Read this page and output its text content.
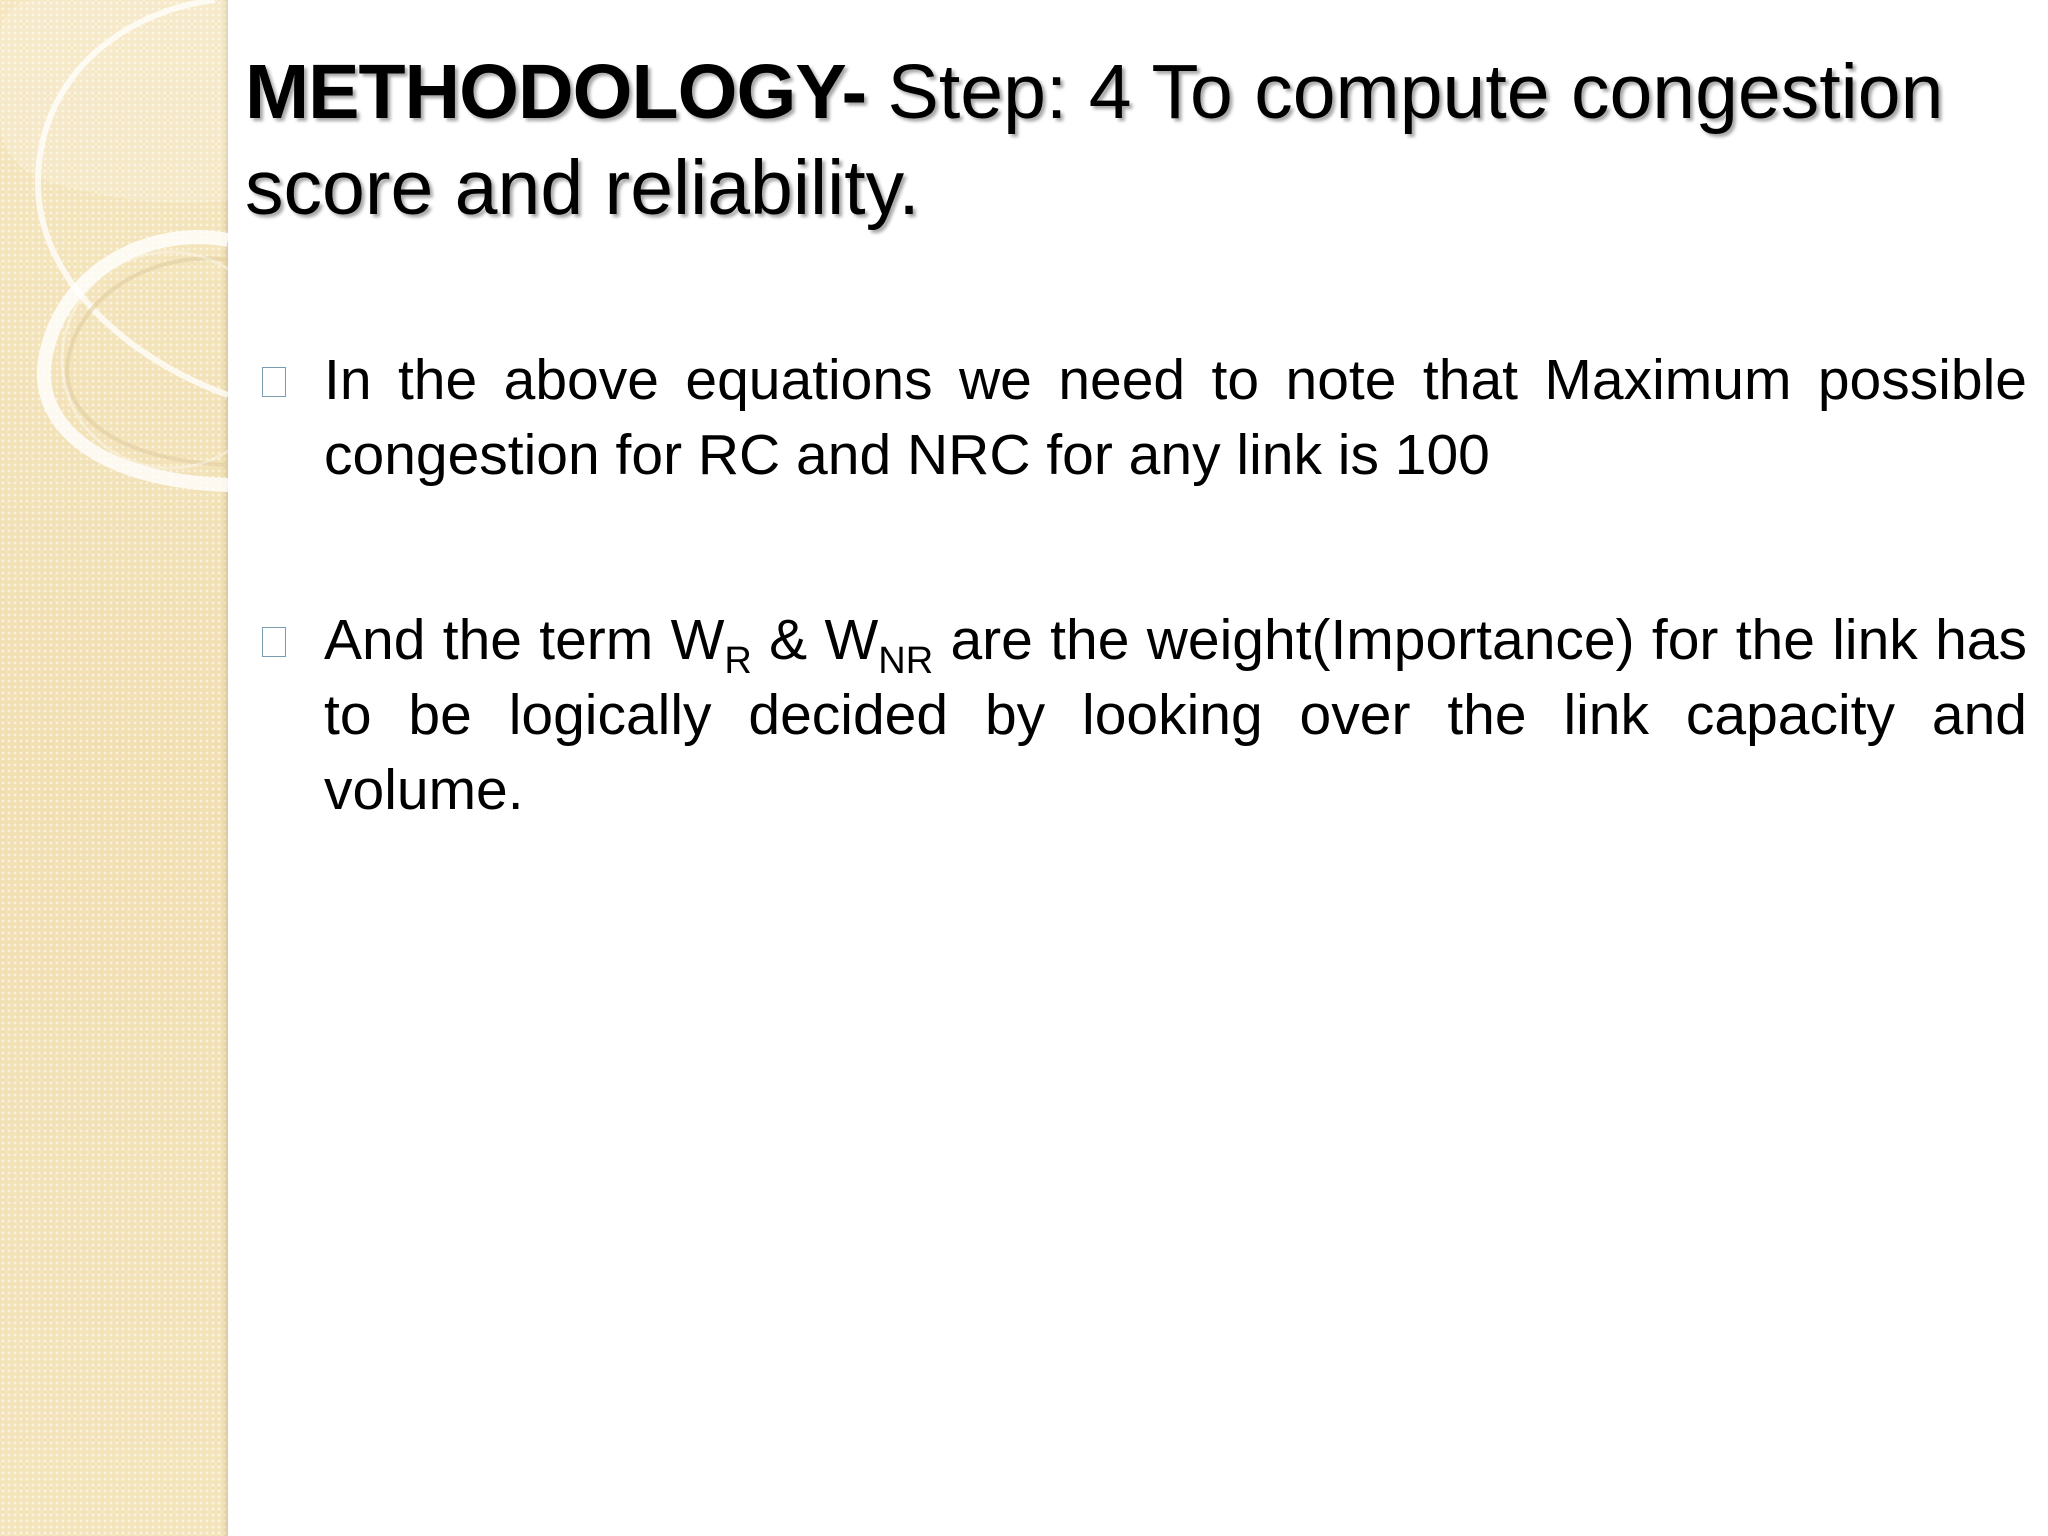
METHODOLOGY- Step: 4 To compute congestion score and reliability.
In the above equations we need to note that Maximum possible congestion for RC and NRC for any link is 100
And the term $W_R$ & $W_{NR}$ are the weight(Importance) for the link has to be logically decided by looking over the link capacity and volume.
